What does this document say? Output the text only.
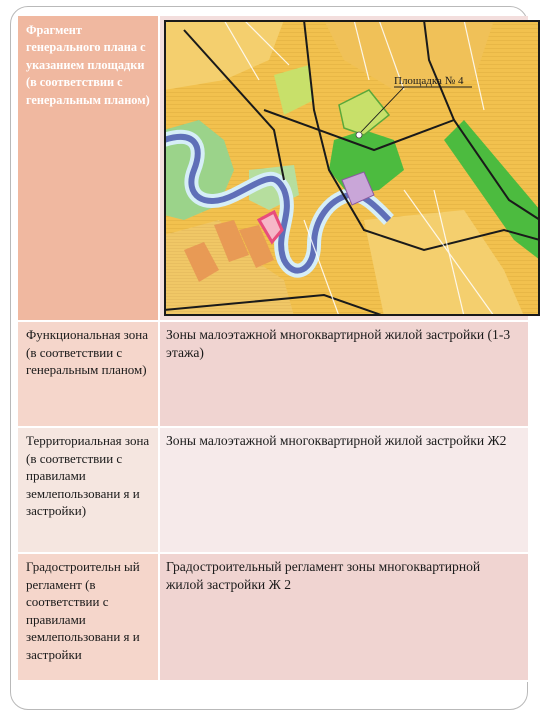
Фрагмент генерального плана с указанием площадки (в соответствии с генеральным планом)	Площадка № 4

Функциональная зона (в соответствии с генеральным планом)	Зоны малоэтажной многоквартирной жилой застройки (1-3 этажа)
Территориальная зона (в соответствии с правилами землепользовани я и застройки)	Зоны малоэтажной многоквартирной жилой застройки Ж2
Градостроительн ый регламент (в соответствии с правилами землепользовани я и застройки	Градостроительный регламент зоны многоквартирной жилой застройки Ж 2
